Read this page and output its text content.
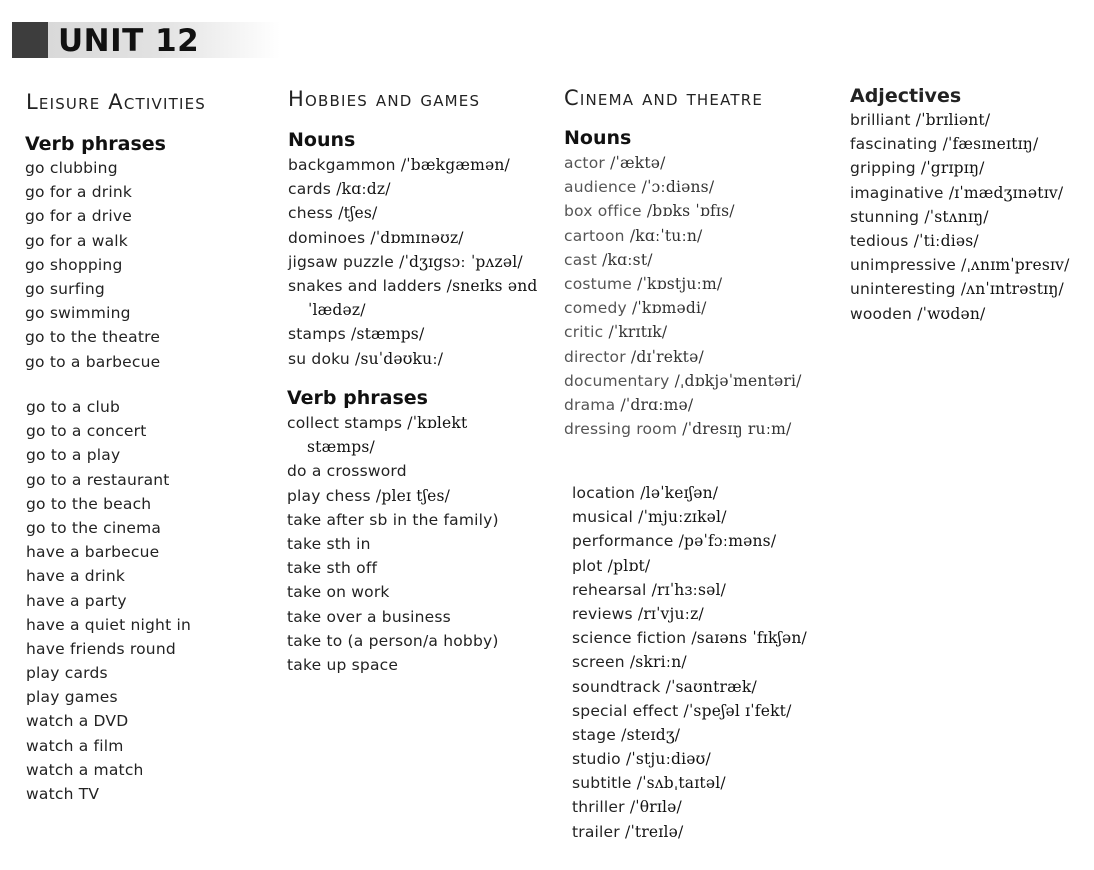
UNIT 12
Leisure Activities
Verb phrases
go clubbing
go for a drink
go for a drive
go for a walk
go shopping
go surfing
go swimming
go to the theatre
go to a barbecue
go to a club
go to a concert
go to a play
go to a restaurant
go to the beach
go to the cinema
have a barbecue
have a drink
have a party
have a quiet night in
have friends round
play cards
play games
watch a DVD
watch a film
watch a match
watch TV
Hobbies and games
Nouns
backgammon /ˈbækgæmən/
cards /kɑːdz/
chess /tʃes/
dominoes /ˈdɒmɪnəʊz/
jigsaw puzzle /ˈdʒɪgsɔː ˈpʌzəl/
snakes and ladders /sneɪks ənd
ˈlædəz/
stamps /stæmps/
su doku /suˈdəʊkuː/
Verb phrases
collect stamps /ˈkɒlekt
stæmps/
do a crossword
play chess /pleɪ tʃes/
take after sb in the family)
take sth in
take sth off
take on work
take over a business
take to (a person/a hobby)
take up space
Cinema and theatre
Nouns
actor /ˈæktə/
audience /ˈɔːdiəns/
box office /bɒks ˈɒfɪs/
cartoon /kɑːˈtuːn/
cast /kɑːst/
costume /ˈkɒstjuːm/
comedy /ˈkɒmədi/
critic /ˈkrɪtɪk/
director /dɪˈrektə/
documentary /ˌdɒkjəˈmentəri/
drama /ˈdrɑːmə/
dressing room /ˈdresɪŋ ruːm/
location /ləˈkeɪʃən/
musical /ˈmjuːzɪkəl/
performance /pəˈfɔːməns/
plot /plɒt/
rehearsal /rɪˈhɜːsəl/
reviews /rɪˈvjuːz/
science fiction /saɪəns ˈfɪkʃən/
screen /skriːn/
soundtrack /ˈsaʊntræk/
special effect /ˈspeʃəl ɪˈfekt/
stage /steɪdʒ/
studio /ˈstjuːdiəʊ/
subtitle /ˈsʌbˌtaɪtəl/
thriller /ˈθrɪlə/
trailer /ˈtreɪlə/
Adjectives
brilliant /ˈbrɪliənt/
fascinating /ˈfæsɪneɪtɪŋ/
gripping /ˈgrɪpɪŋ/
imaginative /ɪˈmædʒɪnətɪv/
stunning /ˈstʌnɪŋ/
tedious /ˈtiːdiəs/
unimpressive /ˌʌnɪmˈpresɪv/
uninteresting /ʌnˈɪntrəstɪŋ/
wooden /ˈwʊdən/
